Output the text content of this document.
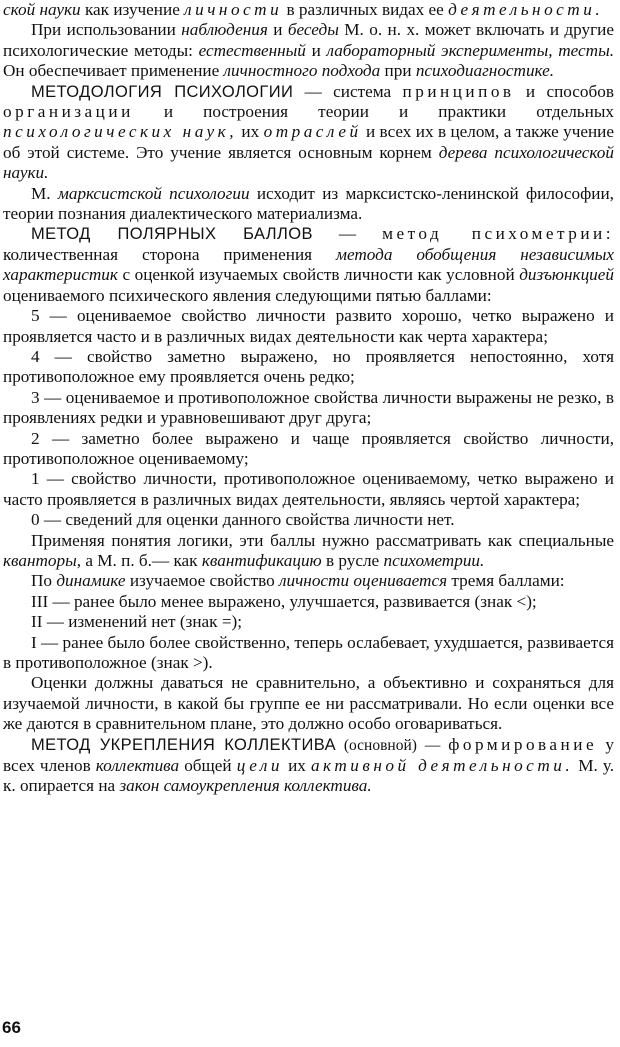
ской науки как изучение личности в различных видах ее деятельности.

При использовании наблюдения и беседы М. о. н. х. может включать и другие психологические методы: естественный и лабораторный эксперименты, тесты. Он обеспечивает применение личностного подхода при психодиагностике.

МЕТОДОЛОГИЯ ПСИХОЛОГИИ — система принципов и способов организации и построения теории и практики отдельных психологических наук, их отраслей и всех их в целом, а также учение об этой системе. Это учение является основным корнем дерева психологической науки.

М. марксистской психологии исходит из марксистско-ленинской философии, теории познания диалектического материализма.

МЕТОД ПОЛЯРНЫХ БАЛЛОВ — метод психометрии: количественная сторона применения метода обобщения независимых характеристик с оценкой изучаемых свойств личности как условной дизъюнкцией оцениваемого психического явления следующими пятью баллами:

5 — оцениваемое свойство личности развито хорошо, четко выражено и проявляется часто и в различных видах деятельности как черта характера;

4 — свойство заметно выражено, но проявляется непостоянно, хотя противоположное ему проявляется очень редко;

3 — оцениваемое и противоположное свойства личности выражены не резко, в проявлениях редки и уравновешивают друг друга;

2 — заметно более выражено и чаще проявляется свойство личности, противоположное оцениваемому;

1 — свойство личности, противоположное оцениваемому, четко выражено и часто проявляется в различных видах деятельности, являясь чертой характера;

0 — сведений для оценки данного свойства личности нет.

Применяя понятия логики, эти баллы нужно рассматривать как специальные кванторы, а М. п. б.— как квантификацию в русле психометрии.

По динамике изучаемое свойство личности оценивается тремя баллами:

III — ранее было менее выражено, улучшается, развивается (знак <);

II — изменений нет (знак =);

I — ранее было более свойственно, теперь ослабевает, ухудшается, развивается в противоположное (знак >).

Оценки должны даваться не сравнительно, а объективно и сохраняться для изучаемой личности, в какой бы группе ее ни рассматривали. Но если оценки все же даются в сравнительном плане, это должно особо оговариваться.

МЕТОД УКРЕПЛЕНИЯ КОЛЛЕКТИВА (основной) — формирование у всех членов коллектива общей цели их активной деятельности. М. у. к. опирается на закон самоукрепления коллектива.

66
